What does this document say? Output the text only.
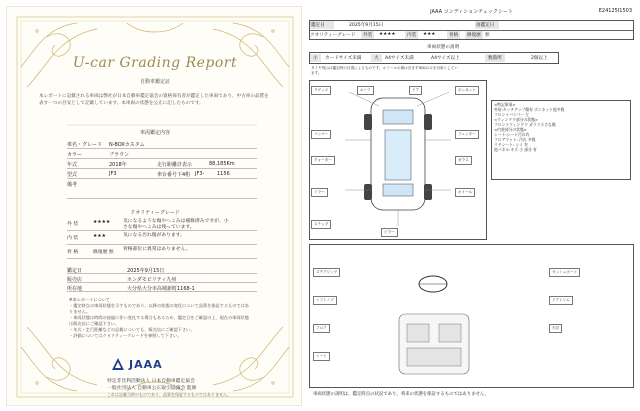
U-car Grading Report
自動車鑑定証
本レポートに記載される車両は弊社が日本自動車鑑定協会の資格保有者が鑑定した車両であり、中古車の品質を表す一つの目安として記載しています。本車両の状態を公正に記したものです。
車両鑑定内容
車名・グレード N-BOXカスタム
カラー	ブラウン
年式	2018年	走行距離計表示	88,185Km
型式	JF3	車台番号下4桁 JF3-	1156
備考
クオリティーグレード
外 装	★★★★	気になるような傷やへこみは補修済みですが、小さな傷やへこみは残っています。
内 装	★★★	気になる汚れ傷があります。
骨 格	修復歴 無
骨格部位に異常はありません。
鑑定日	2025年9月15日
販売店	ホンダモビリティ九州
所在地	大分県大分市高城新町1168-1
※本レポートについて
・鑑定時点の車両状態を示すものであり、以降の状態の変化について品質を保証するものではありません。
・車両状態は時間の経過に伴い変化する場合もあるため、鑑定日をご確認の上、現在の車両状態は販売店にご確認下さい。
・年式・走行距離などの記載についても、販売店にご確認下さい。
・評価についてはクオリティーグレードを参照して下さい。
JAAA
特定非営利活動法人 日本自動車鑑定協会
一般社団法人 自動車公正取引協議会 監修
これは記載当時のものであり、品質を保証するものではありません。
JAAA コンディションチェックシート	E24125I1503
鑑定日	2025年9月15日	再鑑定日
クオリティーグレード	外装	★★★★	内装	★★★	骨格	修復歴 無
車両状態の説明
小	カードサイズ未満	大	A4サイズ未満	A4サイズ以上	数箇所	2個以上
タイヤ残山は鑑定時の目視によるものです。ホイールの傷は含まず車両のみを対象としています。
ラゲッジ	ルーフ	ドア	ボンネット
バンパー	フェンダー
クォーター	ガラス
ミラー	ホイール
ステップ
ピラー
<特記事項>
外装:キッチアップ傷有 ボンネット他多数
フロントバンパー 左
<ウィンドウ部分の状態>
フロントウィンドウ ガラス小さな傷
<内装部分の状態>
シート:シート汚れ有
フロアマット: 汚れ 多数
リヤシート: シミ 有
他パネル:キズ 小 部分 有
ステアリング
シフトノブ
フロア
シート
ダッシュボード
ドアトリム
天井
車両状態の説明は、鑑定時点の状況であり、将来の状態を保証するものではありません。
